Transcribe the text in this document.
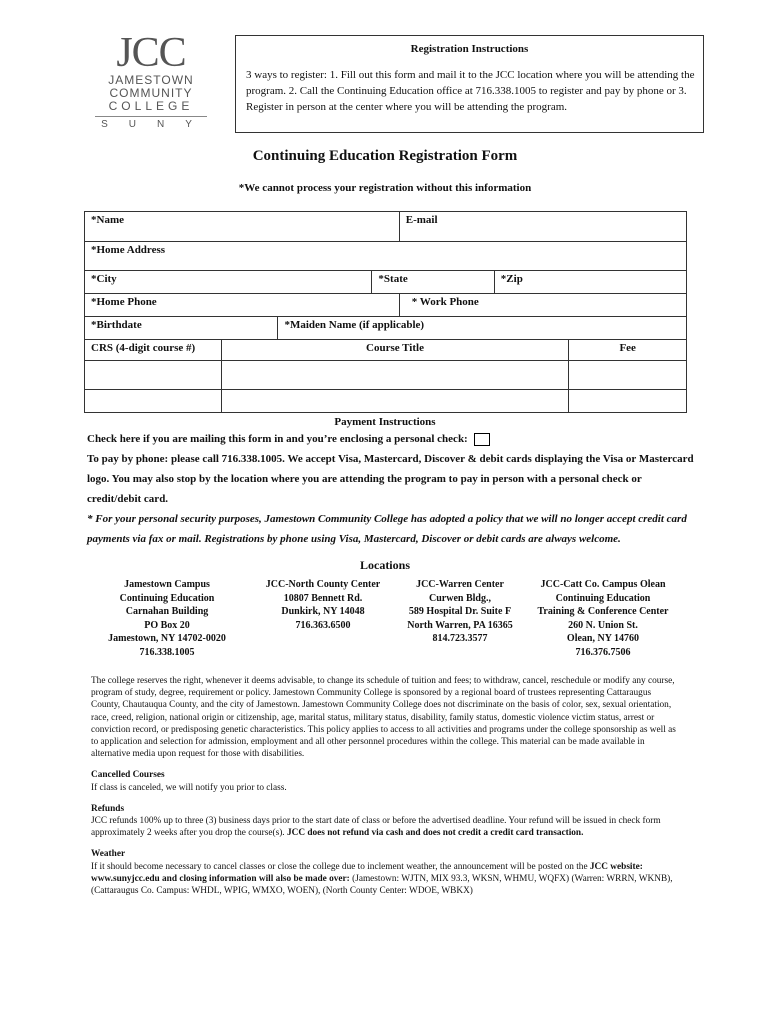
JCC
JAMESTOWN
COMMUNITY
COLLEGE
SUNY
Registration Instructions
3 ways to register: 1. Fill out this form and mail it to the JCC location where you will be attending the program. 2. Call the Continuing Education office at 716.338.1005 to register and pay by phone or 3. Register in person at the center where you will be attending the program.
Continuing Education Registration Form
*We cannot process your registration without this information
*Name				E-mail		
*Home Address						
*City			*State		*Zip	
*Home Phone				* Work Phone		
*Birthdate		*Maiden Name (if applicable)				
CRS (4-digit course #)	Course Title					Fee

Payment Instructions
Check here if you are mailing this form in and you’re enclosing a personal check:
To pay by phone: please call 716.338.1005. We accept Visa, Mastercard, Discover & debit cards displaying the Visa or Mastercard logo. You may also stop by the location where you are attending the program to pay in person with a personal check or credit/debit card.
* For your personal security purposes, Jamestown Community College has adopted a policy that we will no longer accept credit card payments via fax or mail. Registrations by phone using Visa, Mastercard, Discover or debit cards are always welcome.
Locations
Jamestown Campus
Continuing Education
Carnahan Building
PO Box 20
Jamestown, NY 14702-0020
716.338.1005
JCC-North County Center
10807 Bennett Rd.
Dunkirk, NY 14048
716.363.6500
JCC-Warren Center
Curwen Bldg.,
589 Hospital Dr. Suite F
North Warren, PA 16365
814.723.3577
JCC-Catt Co. Campus Olean
Continuing Education
Training & Conference Center
260 N. Union St.
Olean, NY 14760
716.376.7506
The college reserves the right, whenever it deems advisable, to change its schedule of tuition and fees; to withdraw, cancel, reschedule or modify any course, program of study, degree, requirement or policy. Jamestown Community College is sponsored by a regional board of trustees representing Cattaraugus County, Chautauqua County, and the city of Jamestown. Jamestown Community College does not discriminate on the basis of color, sex, sexual orientation, race, creed, religion, national origin or citizenship, age, marital status, military status, disability, family status, domestic violence victim status, arrest or conviction record, or predisposing genetic characteristics. This policy applies to access to all activities and programs under the college sponsorship as well as to application and selection for admission, employment and all other personnel procedures within the college. This material can be made available in alternative media upon request for those with disabilities.
Cancelled Courses
If class is canceled, we will notify you prior to class.
Refunds
JCC refunds 100% up to three (3) business days prior to the start date of class or before the advertised deadline. Your refund will be issued in check form approximately 2 weeks after you drop the course(s). JCC does not refund via cash and does not credit a credit card transaction.
Weather
If it should become necessary to cancel classes or close the college due to inclement weather, the announcement will be posted on the JCC website: www.sunyjcc.edu and closing information will also be made over: (Jamestown: WJTN, MIX 93.3, WKSN, WHMU, WQFX) (Warren: WRRN, WKNB), (Cattaraugus Co. Campus: WHDL, WPIG, WMXO, WOEN), (North County Center: WDOE, WBKX)
